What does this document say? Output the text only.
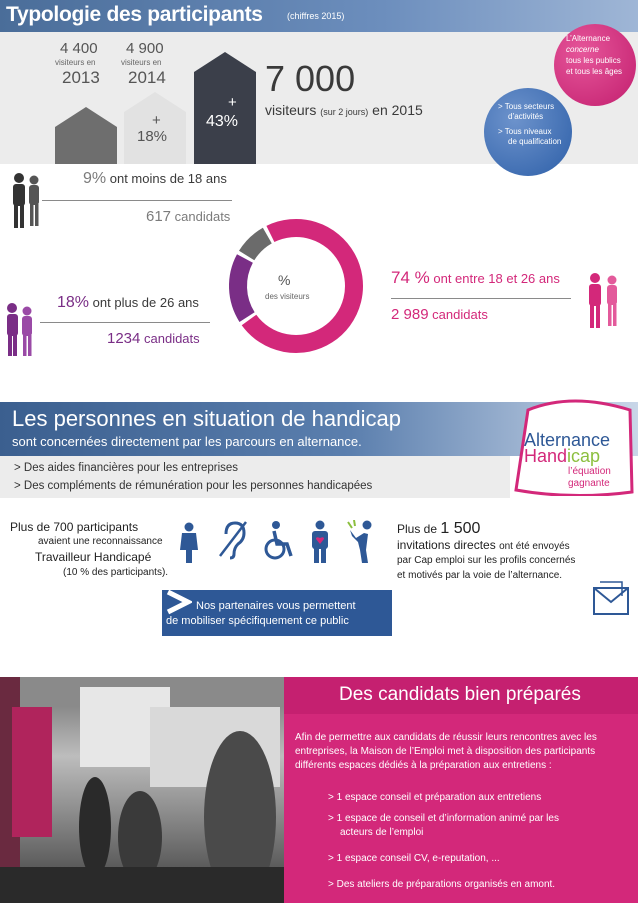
Typologie des participants	(chiffres 2015)
4 400
visiteurs en
2013
4 900
visiteurs en
2014
+
18%
+
43%
7 000
visiteurs (sur 2 jours) en 2015	> Tous secteurs
d’activités
> Tous niveaux
de qualification
L’Alternance
concerne
tous les publics
et tous les âges
9% ont moins de 18 ans
617 candidats
%
des visiteurs
18% ont plus de 26 ans
1234 candidats
74 % ont entre 18 et 26 ans
2 989 candidats
Les personnes en situation de handicap
sont concernées directement par les parcours en alternance.
> Des aides financières pour les entreprises
> Des compléments de rémunération pour les personnes handicapées
Alternance
Handicap
l’équation
gagnante
Plus de 700 participants
avaient une reconnaissance
Travailleur Handicapé
(10 % des participants).
Plus de 1 500
invitations directes ont été envoyés
par Cap emploi sur les profils concernés
et motivés par la voie de l’alternance.
Nos partenaires vous permettent
de mobiliser spécifiquement ce public
Des candidats bien préparés
Afin de permettre aux candidats de réussir leurs rencontres avec les
entreprises, la Maison de l’Emploi met à disposition des participants
différents espaces dédiés à la préparation aux entretiens :
> 1 espace conseil et préparation aux entretiens
> 1 espace de conseil et d’information animé par les
acteurs de l’emploi
> 1 espace conseil CV, e-reputation, ...
> Des ateliers de préparations organisés en amont.
